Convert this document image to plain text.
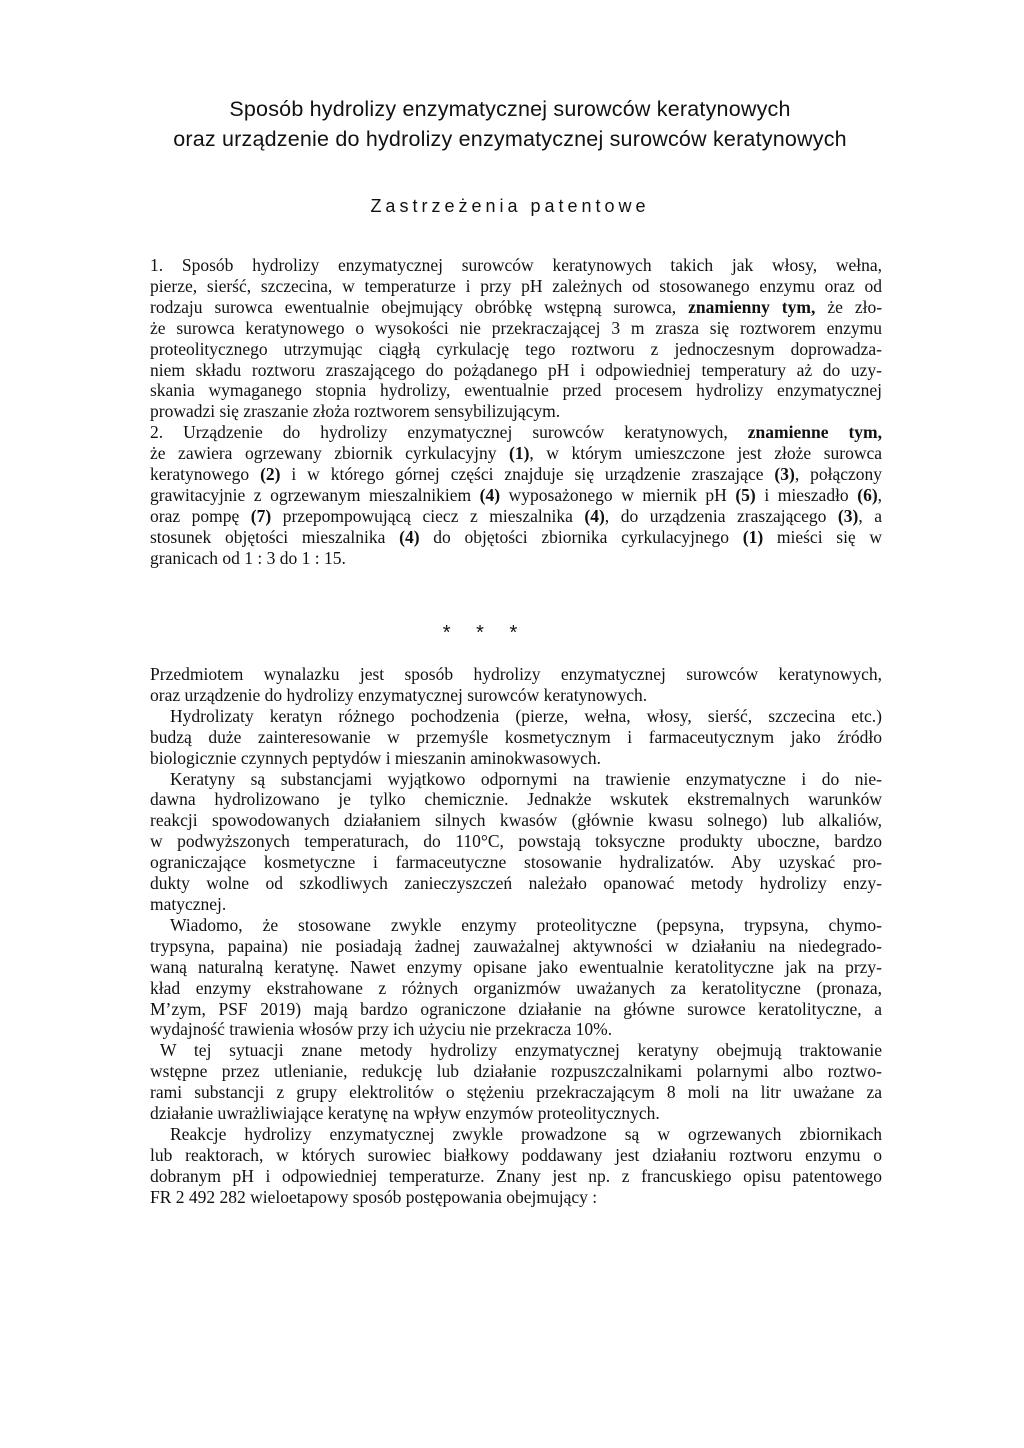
Sposób hydrolizy enzymatycznej surowców keratynowych
oraz urządzenie do hydrolizy enzymatycznej surowców keratynowych
Zastrzeżenia patentowe

1. Sposób hydrolizy enzymatycznej surowców keratynowych takich jak włosy, wełna,
pierze, sierść, szczecina, w temperaturze i przy pH zależnych od stosowanego enzymu oraz od
rodzaju surowca ewentualnie obejmujący obróbkę wstępną surowca, znamienny tym, że zło-
że surowca keratynowego o wysokości nie przekraczającej 3 m zrasza się roztworem enzymu
proteolitycznego utrzymując ciągłą cyrkulację tego roztworu z jednoczesnym doprowadza-
niem składu roztworu zraszającego do pożądanego pH i odpowiedniej temperatury aż do uzy-
skania wymaganego stopnia hydrolizy, ewentualnie przed procesem hydrolizy enzymatycznej
prowadzi się zraszanie złoża roztworem sensybilizującym.

2. Urządzenie do hydrolizy enzymatycznej surowców keratynowych, znamienne tym,
że zawiera ogrzewany zbiornik cyrkulacyjny (1), w którym umieszczone jest złoże surowca
keratynowego (2) i w którego górnej części znajduje się urządzenie zraszające (3), połączony
grawitacyjnie z ogrzewanym mieszalnikiem (4) wyposażonego w miernik pH (5) i mieszadło (6),
oraz pompę (7) przepompowującą ciecz z mieszalnika (4), do urządzenia zraszającego (3), a
stosunek objętości mieszalnika (4) do objętości zbiornika cyrkulacyjnego (1) mieści się w
granicach od 1 : 3 do 1 : 15.

* * *

Przedmiotem wynalazku jest sposób hydrolizy enzymatycznej surowców keratynowych,
oraz urządzenie do hydrolizy enzymatycznej surowców keratynowych.

Hydrolizaty keratyn różnego pochodzenia (pierze, wełna, włosy, sierść, szczecina etc.)
budzą duże zainteresowanie w przemyśle kosmetycznym i farmaceutycznym jako źródło
biologicznie czynnych peptydów i mieszanin aminokwasowych.

Keratyny są substancjami wyjątkowo odpornymi na trawienie enzymatyczne i do nie-
dawna hydrolizowano je tylko chemicznie. Jednakże wskutek ekstremalnych warunków
reakcji spowodowanych działaniem silnych kwasów (głównie kwasu solnego) lub alkaliów,
w podwyższonych temperaturach, do 110°C, powstają toksyczne produkty uboczne, bardzo
ograniczające kosmetyczne i farmaceutyczne stosowanie hydralizatów. Aby uzyskać pro-
dukty wolne od szkodliwych zanieczyszczeń należało opanować metody hydrolizy enzy-
matycznej.

Wiadomo, że stosowane zwykle enzymy proteolityczne (pepsyna, trypsyna, chymo-
trypsyna, papaina) nie posiadają żadnej zauważalnej aktywności w działaniu na niedegrado-
waną naturalną keratynę. Nawet enzymy opisane jako ewentualnie keratolityczne jak na przy-
kład enzymy ekstrahowane z różnych organizmów uważanych za keratolityczne (pronaza,
M’zym, PSF 2019) mają bardzo ograniczone działanie na główne surowce keratolityczne, a
wydajność trawienia włosów przy ich użyciu nie przekracza 10%.

W tej sytuacji znane metody hydrolizy enzymatycznej keratyny obejmują traktowanie
wstępne przez utlenianie, redukcję lub działanie rozpuszczalnikami polarnymi albo roztwo-
rami substancji z grupy elektrolitów o stężeniu przekraczającym 8 moli na litr uważane za
działanie uwrażliwiające keratynę na wpływ enzymów proteolitycznych.

Reakcje hydrolizy enzymatycznej zwykle prowadzone są w ogrzewanych zbiornikach
lub reaktorach, w których surowiec białkowy poddawany jest działaniu roztworu enzymu o
dobranym pH i odpowiedniej temperaturze. Znany jest np. z francuskiego opisu patentowego
FR 2 492 282 wieloetapowy sposób postępowania obejmujący :
